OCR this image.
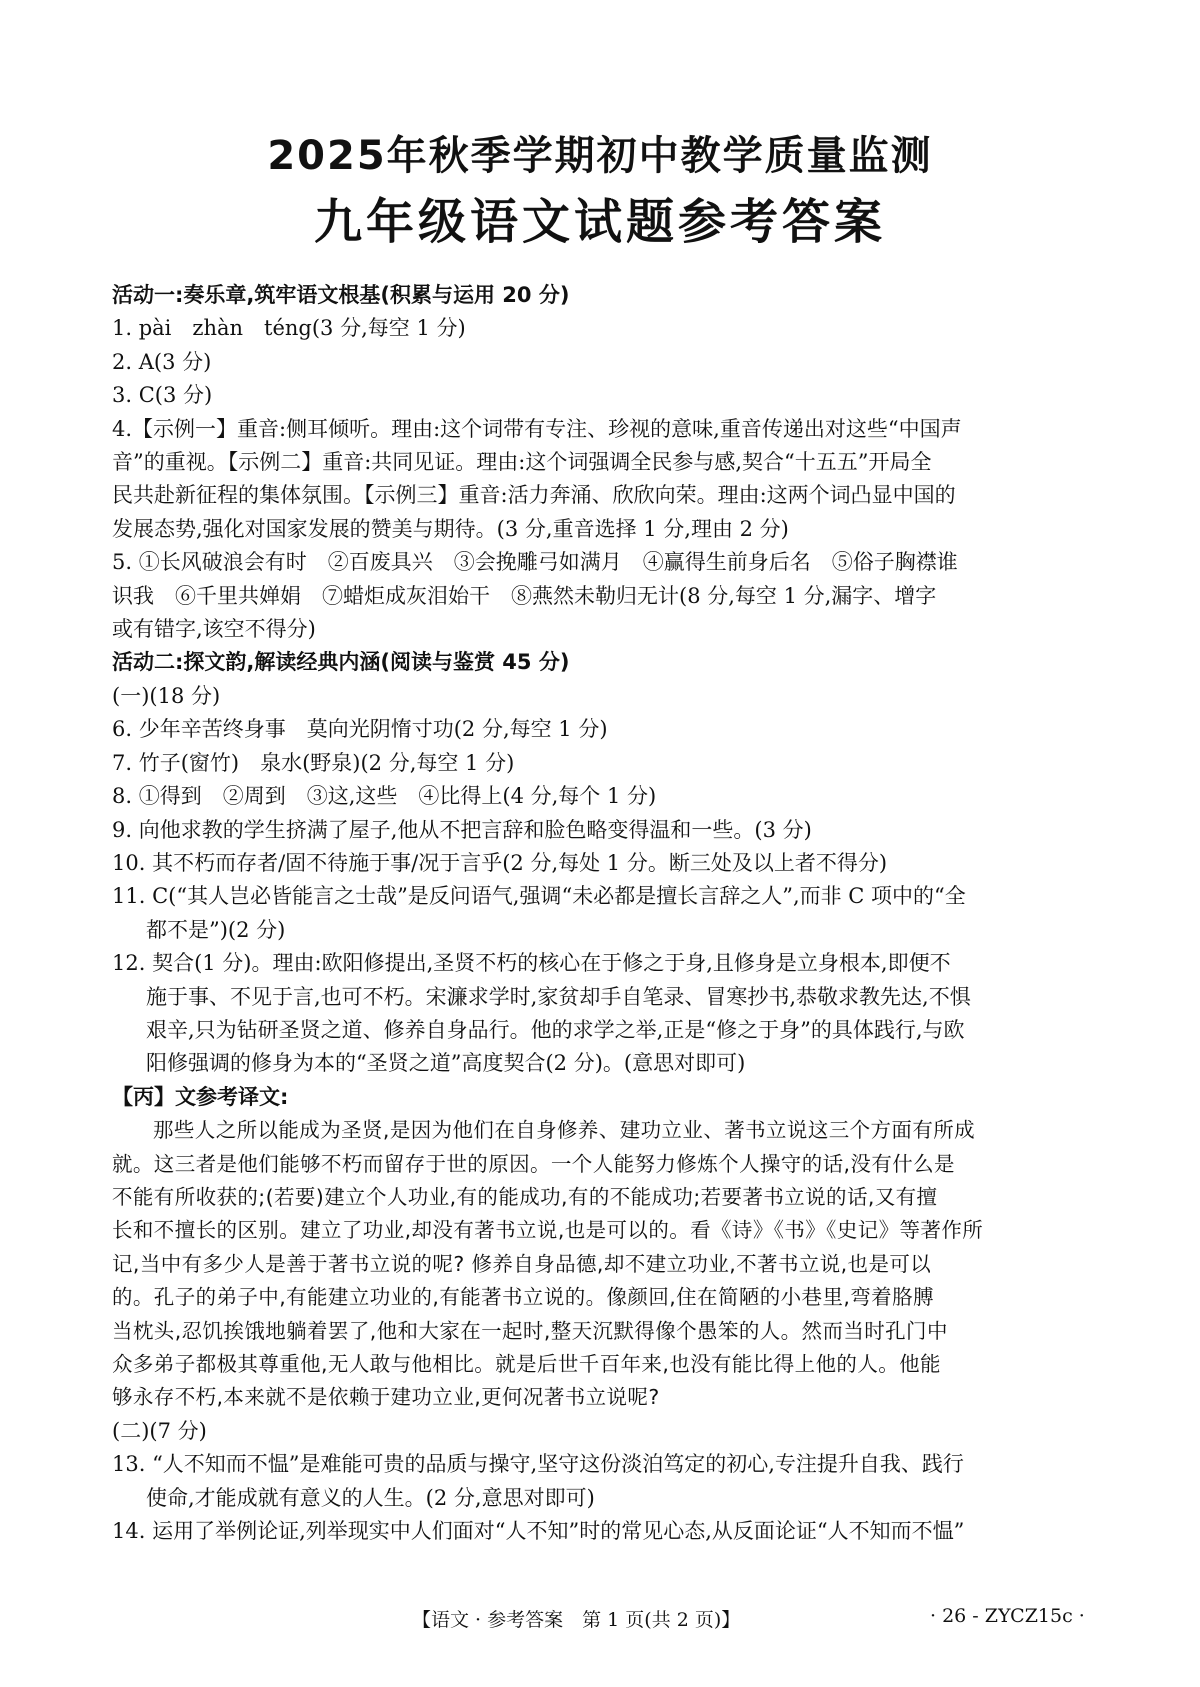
2025年秋季学期初中教学质量监测
九年级语文试题参考答案
活动一:奏乐章,筑牢语文根基(积累与运用 20 分)
1. pài　zhàn　téng(3 分,每空 1 分)
2. A(3 分)
3. C(3 分)
4.【示例一】重音:侧耳倾听。理由:这个词带有专注、珍视的意味,重音传递出对这些“中国声
音”的重视。【示例二】重音:共同见证。理由:这个词强调全民参与感,契合“十五五”开局全
民共赴新征程的集体氛围。【示例三】重音:活力奔涌、欣欣向荣。理由:这两个词凸显中国的
发展态势,强化对国家发展的赞美与期待。(3 分,重音选择 1 分,理由 2 分)
5. ①长风破浪会有时　②百废具兴　③会挽雕弓如满月　④赢得生前身后名　⑤俗子胸襟谁
识我　⑥千里共婵娟　⑦蜡炬成灰泪始干　⑧燕然未勒归无计(8 分,每空 1 分,漏字、增字
或有错字,该空不得分)
活动二:探文韵,解读经典内涵(阅读与鉴赏 45 分)
(一)(18 分)
6. 少年辛苦终身事　莫向光阴惰寸功(2 分,每空 1 分)
7. 竹子(窗竹)　泉水(野泉)(2 分,每空 1 分)
8. ①得到　②周到　③这,这些　④比得上(4 分,每个 1 分)
9. 向他求教的学生挤满了屋子,他从不把言辞和脸色略变得温和一些。(3 分)
10. 其不朽而存者/固不待施于事/况于言乎(2 分,每处 1 分。断三处及以上者不得分)
11. C(“其人岂必皆能言之士哉”是反问语气,强调“未必都是擅长言辞之人”,而非 C 项中的“全
都不是”)(2 分)
12. 契合(1 分)。理由:欧阳修提出,圣贤不朽的核心在于修之于身,且修身是立身根本,即便不
施于事、不见于言,也可不朽。宋濂求学时,家贫却手自笔录、冒寒抄书,恭敬求教先达,不惧
艰辛,只为钻研圣贤之道、修养自身品行。他的求学之举,正是“修之于身”的具体践行,与欧
阳修强调的修身为本的“圣贤之道”高度契合(2 分)。(意思对即可)
【丙】文参考译文:
那些人之所以能成为圣贤,是因为他们在自身修养、建功立业、著书立说这三个方面有所成
就。这三者是他们能够不朽而留存于世的原因。一个人能努力修炼个人操守的话,没有什么是
不能有所收获的;(若要)建立个人功业,有的能成功,有的不能成功;若要著书立说的话,又有擅
长和不擅长的区别。建立了功业,却没有著书立说,也是可以的。看《诗》《书》《史记》等著作所
记,当中有多少人是善于著书立说的呢? 修养自身品德,却不建立功业,不著书立说,也是可以
的。孔子的弟子中,有能建立功业的,有能著书立说的。像颜回,住在简陋的小巷里,弯着胳膊
当枕头,忍饥挨饿地躺着罢了,他和大家在一起时,整天沉默得像个愚笨的人。然而当时孔门中
众多弟子都极其尊重他,无人敢与他相比。就是后世千百年来,也没有能比得上他的人。他能
够永存不朽,本来就不是依赖于建功立业,更何况著书立说呢?
(二)(7 分)
13. “人不知而不愠”是难能可贵的品质与操守,坚守这份淡泊笃定的初心,专注提升自我、践行
使命,才能成就有意义的人生。(2 分,意思对即可)
14. 运用了举例论证,列举现实中人们面对“人不知”时的常见心态,从反面论证“人不知而不愠”
【语文 · 参考答案　第 1 页(共 2 页)】	· 26 - ZYCZ15c ·
